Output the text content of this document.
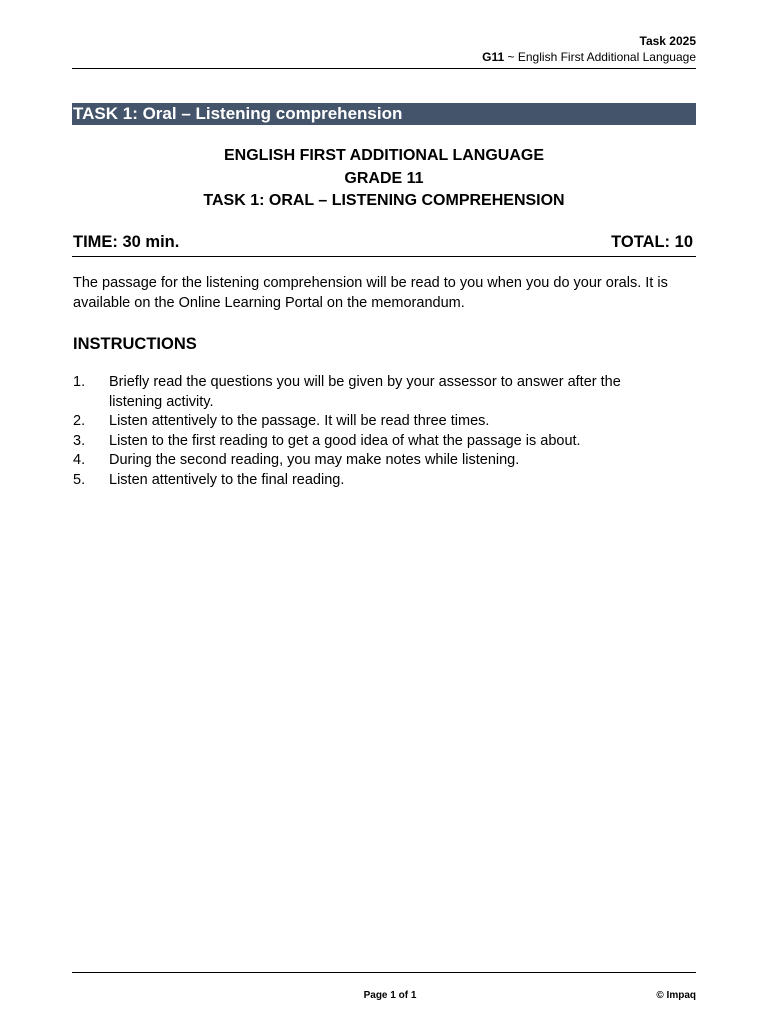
Task 2025
G11 ~ English First Additional Language
TASK 1: Oral – Listening comprehension
ENGLISH FIRST ADDITIONAL LANGUAGE
GRADE 11
TASK 1: ORAL – LISTENING COMPREHENSION
TIME: 30 min.	TOTAL: 10
The passage for the listening comprehension will be read to you when you do your orals. It is available on the Online Learning Portal on the memorandum.
INSTRUCTIONS
1. Briefly read the questions you will be given by your assessor to answer after the listening activity.
2. Listen attentively to the passage. It will be read three times.
3. Listen to the first reading to get a good idea of what the passage is about.
4. During the second reading, you may make notes while listening.
5. Listen attentively to the final reading.
Page 1 of 1	© Impaq
